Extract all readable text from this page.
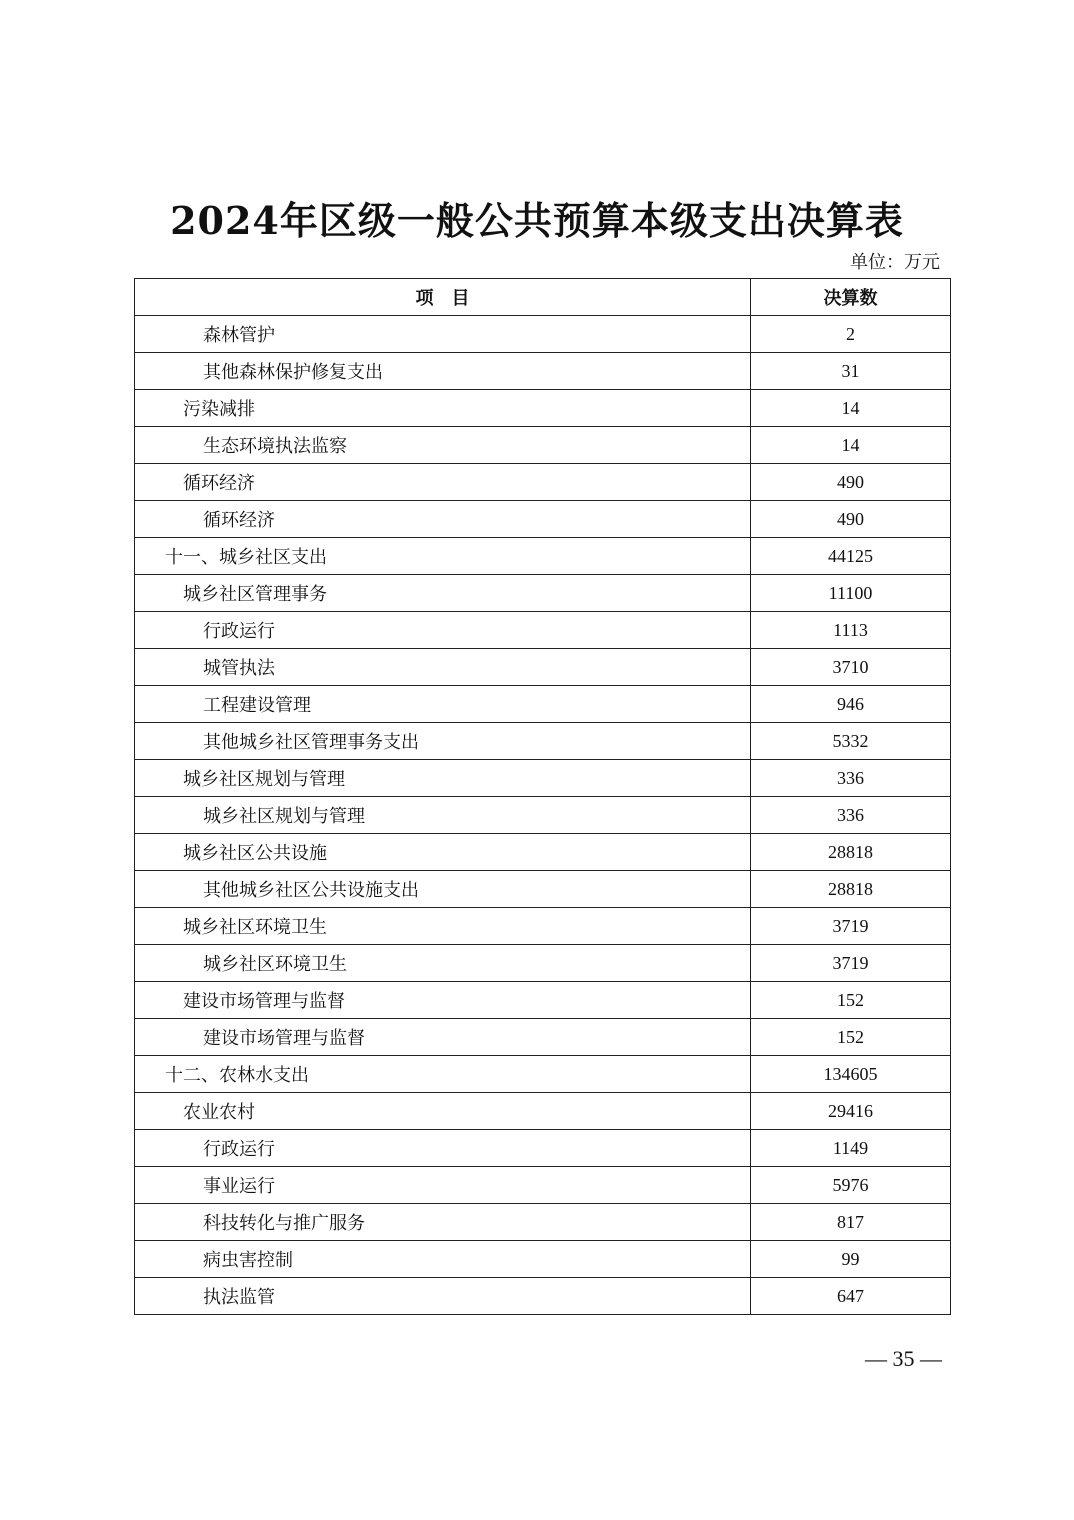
2024年区级一般公共预算本级支出决算表
单位：万元
项　目	决算数
森林管护	2
其他森林保护修复支出	31
污染减排	14
生态环境执法监察	14
循环经济	490
循环经济	490
十一、城乡社区支出	44125
城乡社区管理事务	11100
行政运行	1113
城管执法	3710
工程建设管理	946
其他城乡社区管理事务支出	5332
城乡社区规划与管理	336
城乡社区规划与管理	336
城乡社区公共设施	28818
其他城乡社区公共设施支出	28818
城乡社区环境卫生	3719
城乡社区环境卫生	3719
建设市场管理与监督	152
建设市场管理与监督	152
十二、农林水支出	134605
农业农村	29416
行政运行	1149
事业运行	5976
科技转化与推广服务	817
病虫害控制	99
执法监管	647
— 35 —
